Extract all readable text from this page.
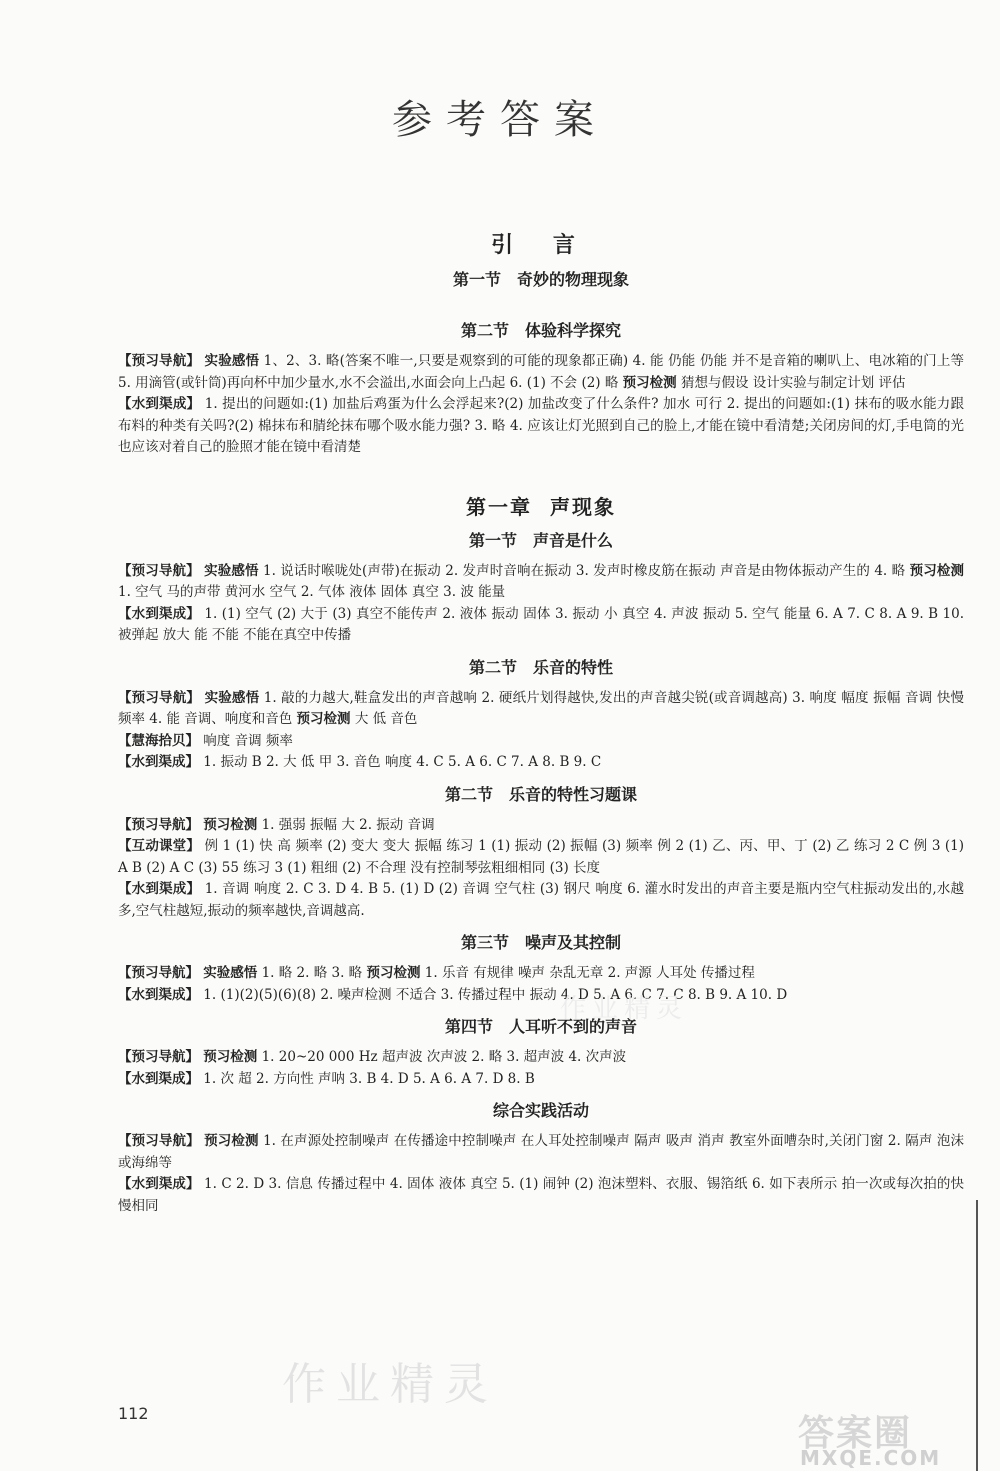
参考答案
引 言
第一节 奇妙的物理现象
第二节 体验科学探究

【预习导航】 实验感悟 1、2、3. 略(答案不唯一,只要是观察到的可能的现象都正确) 4. 能 仍能 仍能 并不是音箱的喇叭上、电冰箱的门上等 5. 用滴管(或针筒)再向杯中加少量水,水不会溢出,水面会向上凸起 6. (1) 不会 (2) 略 预习检测 猜想与假设 设计实验与制定计划 评估

【水到渠成】 1. 提出的问题如:(1) 加盐后鸡蛋为什么会浮起来?(2) 加盐改变了什么条件? 加水 可行 2. 提出的问题如:(1) 抹布的吸水能力跟布料的种类有关吗?(2) 棉抹布和腈纶抹布哪个吸水能力强? 3. 略 4. 应该让灯光照到自己的脸上,才能在镜中看清楚;关闭房间的灯,手电筒的光也应该对着自己的脸照才能在镜中看清楚

第一章 声现象
第一节 声音是什么

【预习导航】 实验感悟 1. 说话时喉咙处(声带)在振动 2. 发声时音响在振动 3. 发声时橡皮筋在振动 声音是由物体振动产生的 4. 略 预习检测 1. 空气 马的声带 黄河水 空气 2. 气体 液体 固体 真空 3. 波 能量

【水到渠成】 1. (1) 空气 (2) 大于 (3) 真空不能传声 2. 液体 振动 固体 3. 振动 小 真空 4. 声波 振动 5. 空气 能量 6. A 7. C 8. A 9. B 10. 被弹起 放大 能 不能 不能在真空中传播

第二节 乐音的特性

【预习导航】 实验感悟 1. 敲的力越大,鞋盒发出的声音越响 2. 硬纸片划得越快,发出的声音越尖锐(或音调越高) 3. 响度 幅度 振幅 音调 快慢 频率 4. 能 音调、响度和音色 预习检测 大 低 音色

【慧海拾贝】 响度 音调 频率

【水到渠成】 1. 振动 B 2. 大 低 甲 3. 音色 响度 4. C 5. A 6. C 7. A 8. B 9. C

第二节 乐音的特性习题课

【预习导航】 预习检测 1. 强弱 振幅 大 2. 振动 音调

【互动课堂】 例 1 (1) 快 高 频率 (2) 变大 变大 振幅 练习 1 (1) 振动 (2) 振幅 (3) 频率 例 2 (1) 乙、丙、甲、丁 (2) 乙 练习 2 C 例 3 (1) A B (2) A C (3) 55 练习 3 (1) 粗细 (2) 不合理 没有控制琴弦粗细相同 (3) 长度

【水到渠成】 1. 音调 响度 2. C 3. D 4. B 5. (1) D (2) 音调 空气柱 (3) 钢尺 响度 6. 灌水时发出的声音主要是瓶内空气柱振动发出的,水越多,空气柱越短,振动的频率越快,音调越高.

第三节 噪声及其控制

【预习导航】 实验感悟 1. 略 2. 略 3. 略 预习检测 1. 乐音 有规律 噪声 杂乱无章 2. 声源 人耳处 传播过程

【水到渠成】 1. (1)(2)(5)(6)(8) 2. 噪声检测 不适合 3. 传播过程中 振动 4. D 5. A 6. C 7. C 8. B 9. A 10. D

第四节 人耳听不到的声音

【预习导航】 预习检测 1. 20~20 000 Hz 超声波 次声波 2. 略 3. 超声波 4. 次声波

【水到渠成】 1. 次 超 2. 方向性 声呐 3. B 4. D 5. A 6. A 7. D 8. B

综合实践活动

【预习导航】 预习检测 1. 在声源处控制噪声 在传播途中控制噪声 在人耳处控制噪声 隔声 吸声 消声 教室外面嘈杂时,关闭门窗 2. 隔声 泡沫或海绵等

【水到渠成】 1. C 2. D 3. 信息 传播过程中 4. 固体 液体 真空 5. (1) 闹钟 (2) 泡沫塑料、衣服、锡箔纸 6. 如下表所示 拍一次或每次拍的快慢相同

作业精灵
作业精灵
112	答案圈
MXQE.COM
